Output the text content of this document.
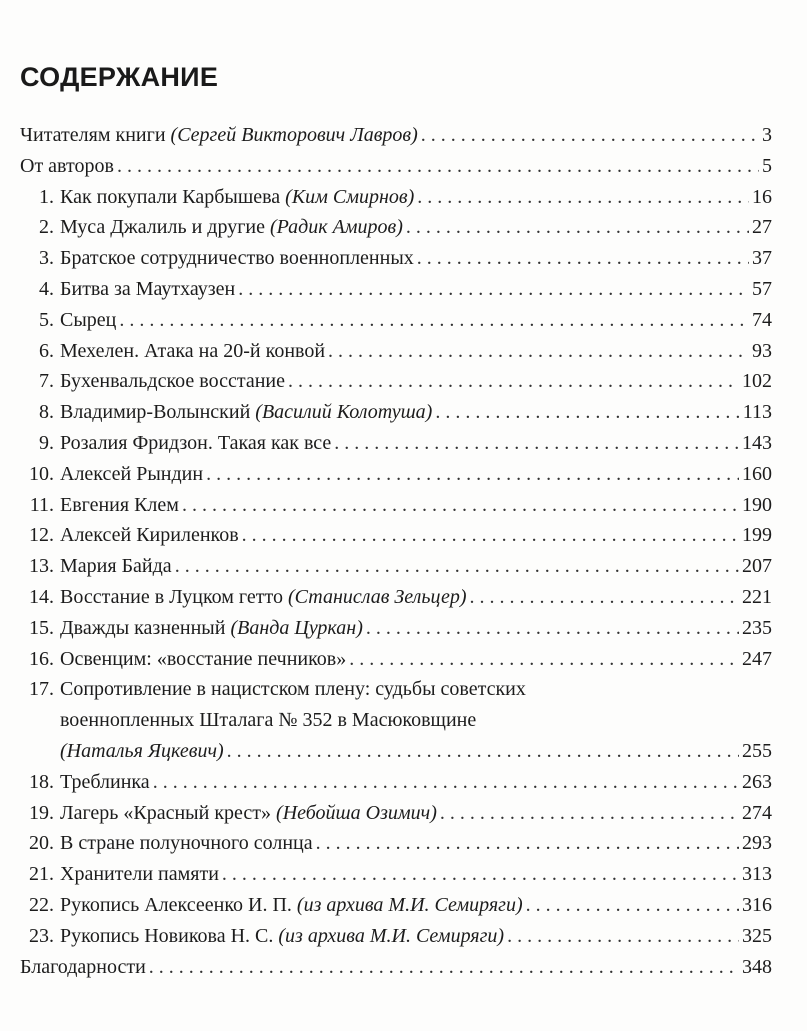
СОДЕРЖАНИЕ
Читателям книги (Сергей Викторович Лавров) . . .	3
От авторов . . .	5
1. Как покупали Карбышева (Ким Смирнов) . . .	16
2. Муса Джалиль и другие (Радик Амиров) . . .	27
3. Братское сотрудничество военнопленных . . .	37
4. Битва за Маутхаузен . . .	57
5. Сырец . . .	74
6. Мехелен. Атака на 20-й конвой . . .	93
7. Бухенвальдское восстание . . .	102
8. Владимир-Волынский (Василий Колотуша) . . .	113
9. Розалия Фридзон. Такая как все . . .	143
10. Алексей Рындин . . .	160
11. Евгения Клем . . .	190
12. Алексей Кириленков . . .	199
13. Мария Байда . . .	207
14. Восстание в Луцком гетто (Станислав Зельцер) . . .	221
15. Дважды казненный (Ванда Цуркан) . . .	235
16. Освенцим: «восстание печников» . . .	247
17. Сопротивление в нацистском плену: судьбы советских
военнопленных Шталага № 352 в Масюковщине
(Наталья Яцкевич) . . .	255
18. Треблинка . . .	263
19. Лагерь «Красный крест» (Небойша Озимич) . . .	274
20. В стране полуночного солнца . . .	293
21. Хранители памяти . . .	313
22. Рукопись Алексеенко И. П. (из архива М.И. Семиряги) . . .	316
23. Рукопись Новикова Н. С. (из архива М.И. Семиряги) . . .	325
Благодарности . . .	348
